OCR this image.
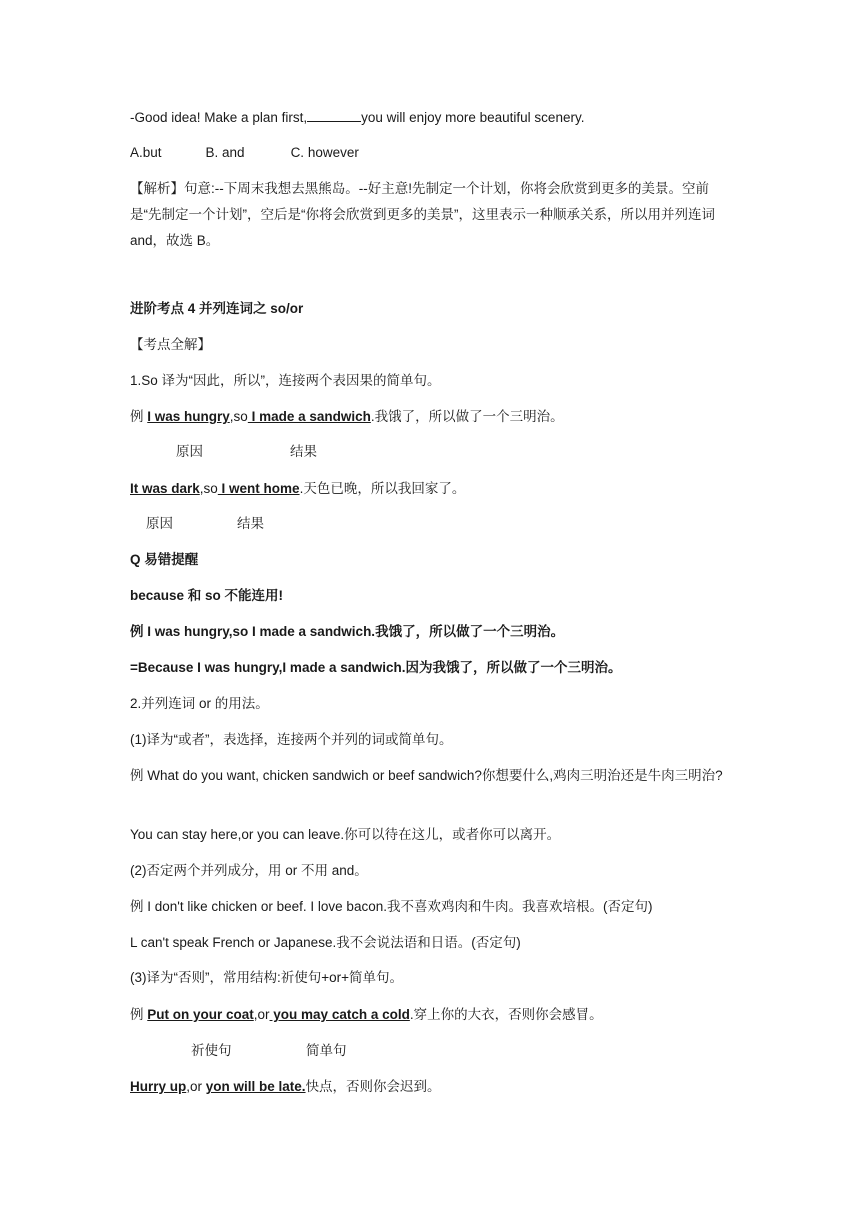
-Good idea! Make a plan first,	you will enjoy more beautiful scenery.
A.but	B. and	C. however
【解析】句意:--下周末我想去黑熊岛。--好主意!先制定一个计划，你将会欣赏到更多的美景。空前是“先制定一个计划”，空后是“你将会欣赏到更多的美景”，这里表示一种顺承关系，所以用并列连词 and，故选 B。
进阶考点 4 并列连词之 so/or
【考点全解】
1.So 译为“因此，所以”，连接两个表因果的简单句。
例 I was hungry,so I made a sandwich.我饿了，所以做了一个三明治。
原因	结果
It was dark,so I went home.天色已晚，所以我回家了。
原因	结果
Q 易错提醒
because 和 so 不能连用!
例 I was hungry,so I made a sandwich.我饿了，所以做了一个三明治。
=Because I was hungry,I made a sandwich.因为我饿了，所以做了一个三明治。
2.并列连词 or 的用法。
(1)译为“或者”，表选择，连接两个并列的词或简单句。
例 What do you want, chicken sandwich or beef sandwich?你想要什么,鸡肉三明治还是牛肉三明治?
You can stay here,or you can leave.你可以待在这儿，或者你可以离开。
(2)否定两个并列成分，用 or 不用 and。
例 I don't like chicken or beef. I love bacon.我不喜欢鸡肉和牛肉。我喜欢培根。(否定句)
L can't speak French or Japanese.我不会说法语和日语。(否定句)
(3)译为“否则”，常用结构:祈使句+or+简单句。
例 Put on your coat,or you may catch a cold.穿上你的大衣，否则你会感冒。
祈使句	简单句
Hurry up,or yon will be late.快点，否则你会迟到。
